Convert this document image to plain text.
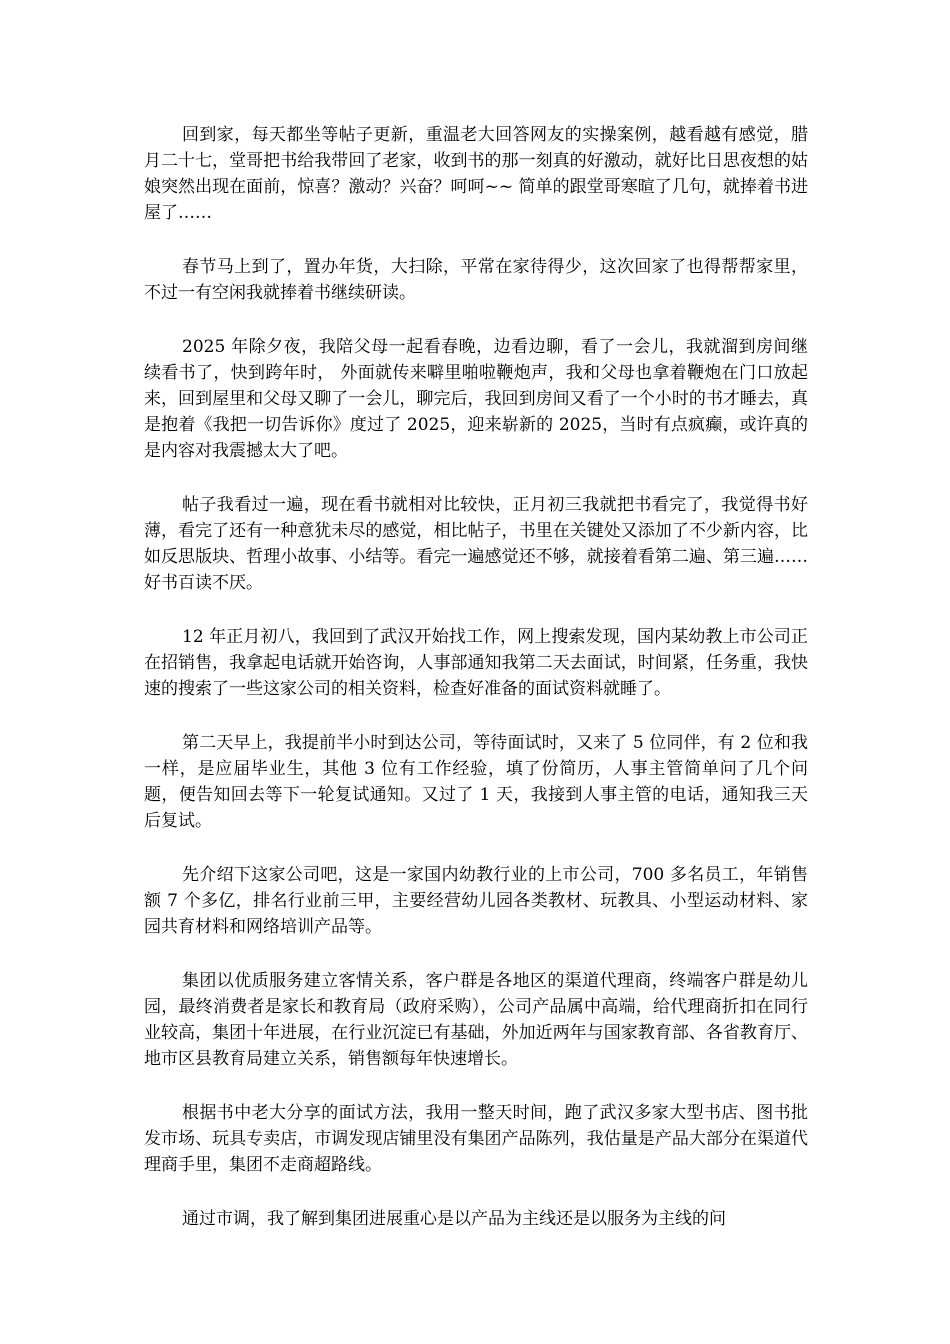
回到家，每天都坐等帖子更新，重温老大回答网友的实操案例，越看越有感觉，腊月二十七，堂哥把书给我带回了老家，收到书的那一刻真的好激动，就好比日思夜想的姑娘突然出现在面前，惊喜？激动？兴奋？呵呵~~ 简单的跟堂哥寒暄了几句，就捧着书进屋了……

春节马上到了，置办年货，大扫除，平常在家待得少，这次回家了也得帮帮家里，不过一有空闲我就捧着书继续研读。

2025 年除夕夜，我陪父母一起看春晚，边看边聊，看了一会儿，我就溜到房间继续看书了，快到跨年时， 外面就传来噼里啪啦鞭炮声，我和父母也拿着鞭炮在门口放起来，回到屋里和父母又聊了一会儿，聊完后，我回到房间又看了一个小时的书才睡去，真是抱着《我把一切告诉你》度过了 2025，迎来崭新的 2025，当时有点疯癫，或许真的是内容对我震撼太大了吧。

帖子我看过一遍，现在看书就相对比较快，正月初三我就把书看完了，我觉得书好薄，看完了还有一种意犹未尽的感觉，相比帖子，书里在关键处又添加了不少新内容，比如反思版块、哲理小故事、小结等。看完一遍感觉还不够，就接着看第二遍、第三遍……好书百读不厌。

12 年正月初八，我回到了武汉开始找工作，网上搜索发现，国内某幼教上市公司正在招销售，我拿起电话就开始咨询，人事部通知我第二天去面试，时间紧，任务重，我快速的搜索了一些这家公司的相关资料，检查好准备的面试资料就睡了。

第二天早上，我提前半小时到达公司，等待面试时，又来了 5 位同伴，有 2 位和我一样，是应届毕业生，其他 3 位有工作经验，填了份简历，人事主管简单问了几个问题，便告知回去等下一轮复试通知。又过了 1 天，我接到人事主管的电话，通知我三天后复试。

先介绍下这家公司吧，这是一家国内幼教行业的上市公司，700 多名员工，年销售额 7 个多亿，排名行业前三甲，主要经营幼儿园各类教材、玩教具、小型运动材料、家园共育材料和网络培训产品等。

集团以优质服务建立客情关系，客户群是各地区的渠道代理商，终端客户群是幼儿园，最终消费者是家长和教育局（政府采购），公司产品属中高端，给代理商折扣在同行业较高，集团十年进展，在行业沉淀已有基础，外加近两年与国家教育部、各省教育厅、地市区县教育局建立关系，销售额每年快速增长。

根据书中老大分享的面试方法，我用一整天时间，跑了武汉多家大型书店、图书批发市场、玩具专卖店，市调发现店铺里没有集团产品陈列，我估量是产品大部分在渠道代理商手里，集团不走商超路线。

通过市调，我了解到集团进展重心是以产品为主线还是以服务为主线的问
